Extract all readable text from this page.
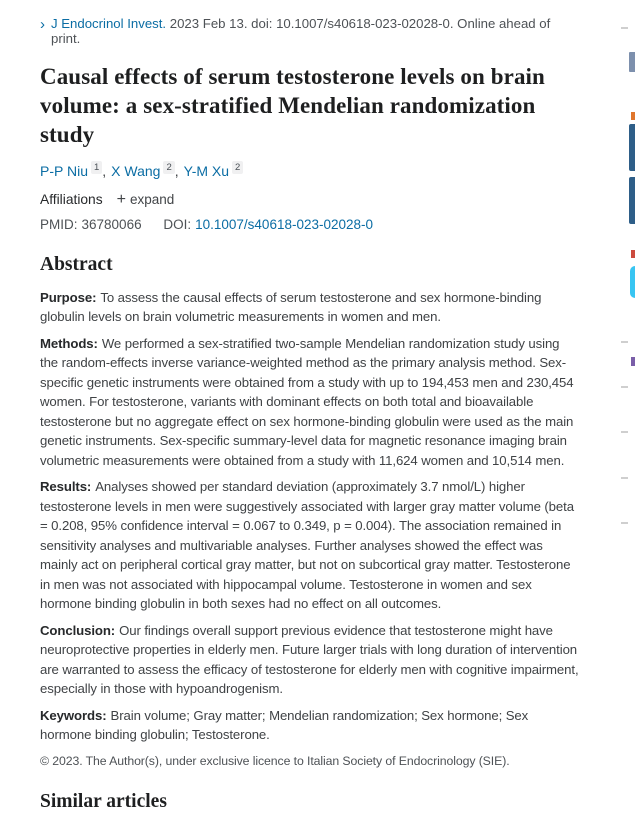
› J Endocrinol Invest. 2023 Feb 13. doi: 10.1007/s40618-023-02028-0. Online ahead of print.
Causal effects of serum testosterone levels on brain volume: a sex-stratified Mendelian randomization study
P-P Niu $^1$ , X Wang $^2$ , Y-M Xu $^2$
Affiliations + expand
PMID: 36780066 DOI: 10.1007/s40618-023-02028-0
Abstract

Purpose: To assess the causal effects of serum testosterone and sex hormone-binding globulin levels on brain volumetric measurements in women and men.

Methods: We performed a sex-stratified two-sample Mendelian randomization study using the random-effects inverse variance-weighted method as the primary analysis method. Sex-specific genetic instruments were obtained from a study with up to 194,453 men and 230,454 women. For testosterone, variants with dominant effects on both total and bioavailable testosterone but no aggregate effect on sex hormone-binding globulin were used as the main genetic instruments. Sex-specific summary-level data for magnetic resonance imaging brain volumetric measurements were obtained from a study with 11,624 women and 10,514 men.

Results: Analyses showed per standard deviation (approximately 3.7 nmol/L) higher testosterone levels in men were suggestively associated with larger gray matter volume (beta = 0.208, 95% confidence interval = 0.067 to 0.349, p = 0.004). The association remained in sensitivity analyses and multivariable analyses. Further analyses showed the effect was mainly act on peripheral cortical gray matter, but not on subcortical gray matter. Testosterone in men was not associated with hippocampal volume. Testosterone in women and sex hormone binding globulin in both sexes had no effect on all outcomes.

Conclusion: Our findings overall support previous evidence that testosterone might have neuroprotective properties in elderly men. Future larger trials with long duration of intervention are warranted to assess the efficacy of testosterone for elderly men with cognitive impairment, especially in those with hypoandrogenism.

Keywords: Brain volume; Gray matter; Mendelian randomization; Sex hormone; Sex hormone binding globulin; Testosterone.

© 2023. The Author(s), under exclusive licence to Italian Society of Endocrinology (SIE).

Similar articles
